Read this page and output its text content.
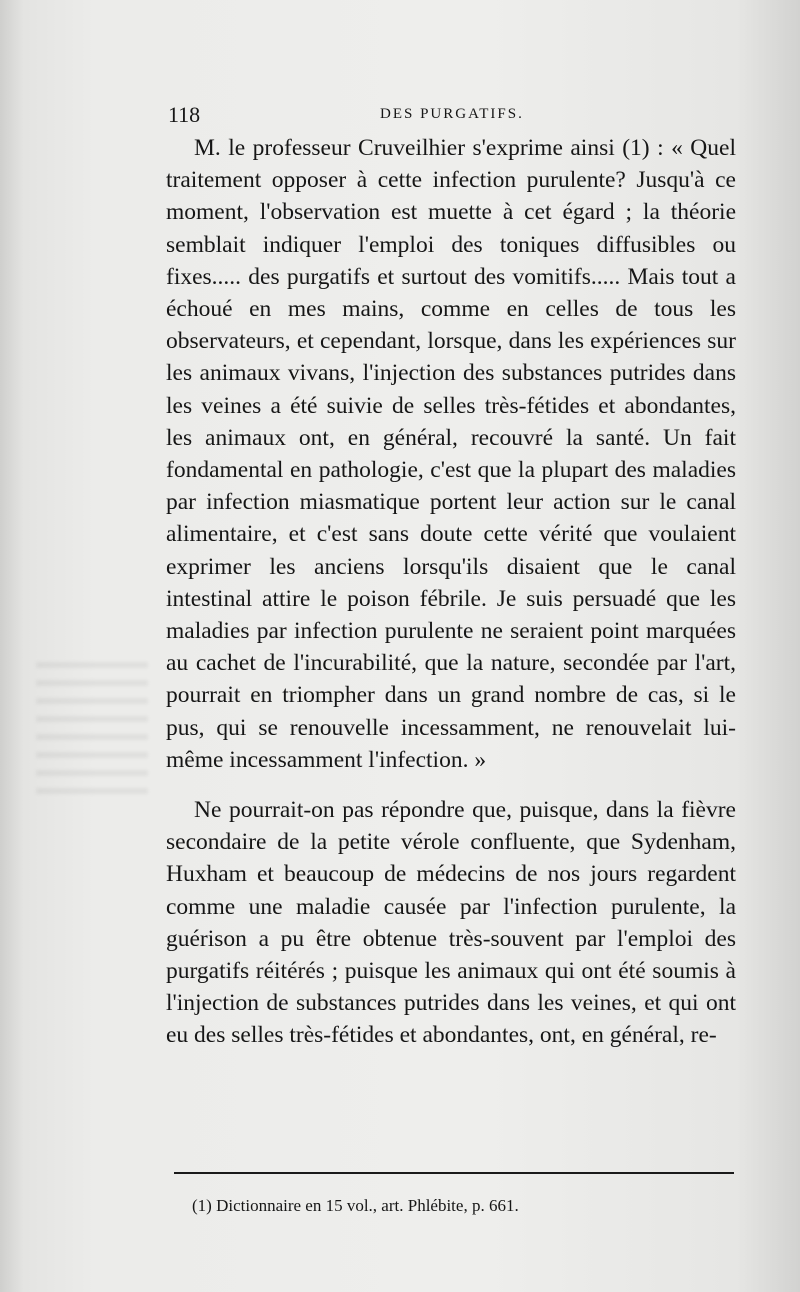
118	DES PURGATIFS.

M. le professeur Cruveilhier s'exprime ainsi (1) : « Quel traitement opposer à cette infection purulente? Jusqu'à ce moment, l'observation est muette à cet égard ; la théorie semblait indiquer l'emploi des toniques diffusibles ou fixes..... des purgatifs et surtout des vomitifs..... Mais tout a échoué en mes mains, comme en celles de tous les observateurs, et cependant, lorsque, dans les expériences sur les animaux vivans, l'injection des substances putrides dans les veines a été suivie de selles très-fétides et abondantes, les animaux ont, en général, recouvré la santé. Un fait fondamental en pathologie, c'est que la plupart des maladies par infection miasmatique portent leur action sur le canal alimentaire, et c'est sans doute cette vérité que voulaient exprimer les anciens lorsqu'ils disaient que le canal intestinal attire le poison fébrile. Je suis persuadé que les maladies par infection purulente ne seraient point marquées au cachet de l'incurabilité, que la nature, secondée par l'art, pourrait en triompher dans un grand nombre de cas, si le pus, qui se renouvelle incessamment, ne renouvelait lui-même incessamment l'infection. »

Ne pourrait-on pas répondre que, puisque, dans la fièvre secondaire de la petite vérole confluente, que Sydenham, Huxham et beaucoup de médecins de nos jours regardent comme une maladie causée par l'infection purulente, la guérison a pu être obtenue très-souvent par l'emploi des purgatifs réitérés ; puisque les animaux qui ont été soumis à l'injection de substances putrides dans les veines, et qui ont eu des selles très-fétides et abondantes, ont, en général, re-

(1) Dictionnaire en 15 vol., art. Phlébite, p. 661.
